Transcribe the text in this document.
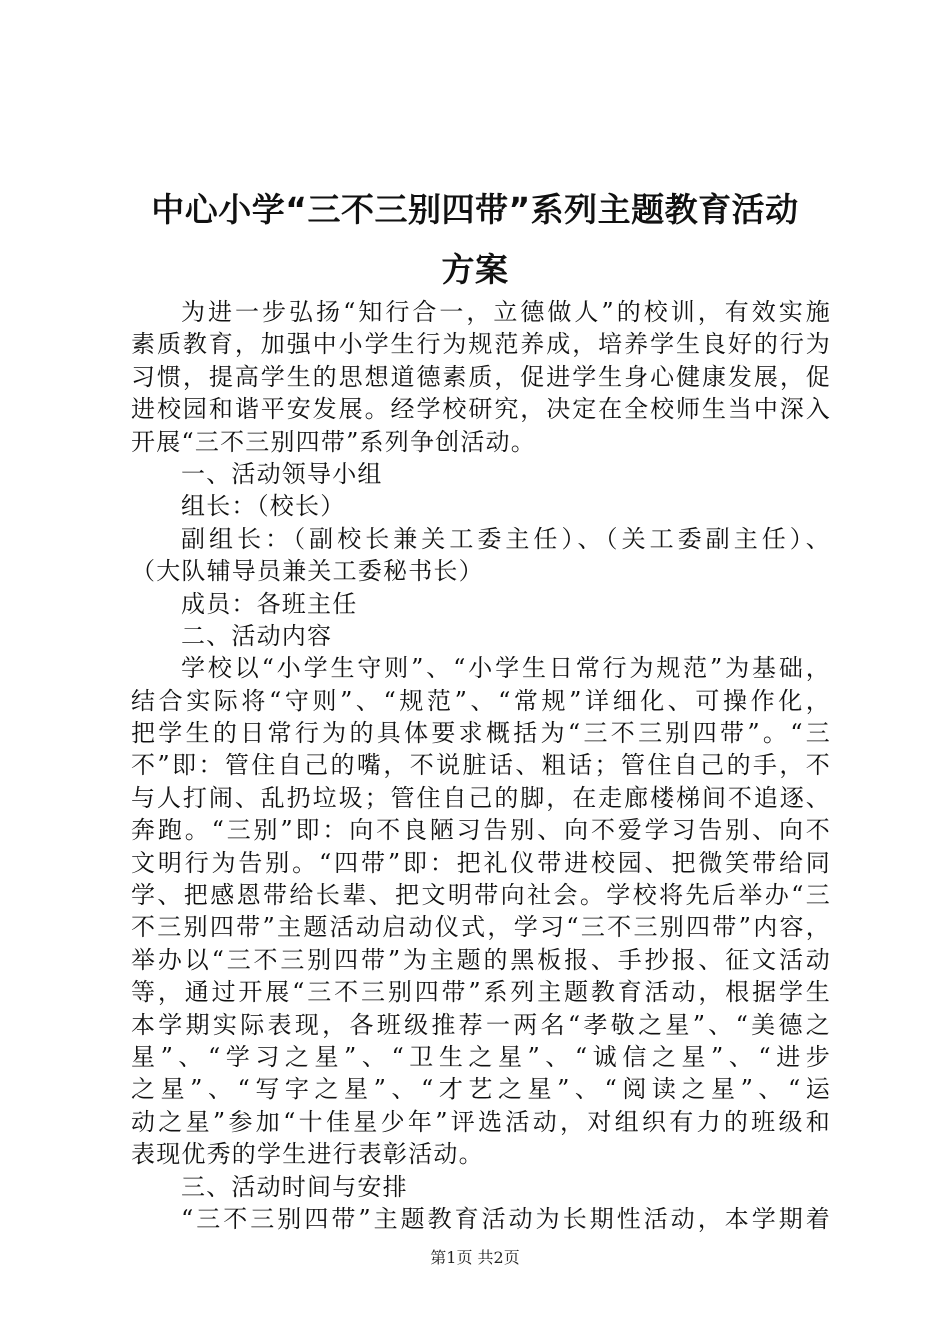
中心小学“三不三别四带”系列主题教育活动
方案
为进一步弘扬“知行合一，立德做人”的校训，有效实施
素质教育，加强中小学生行为规范养成，培养学生良好的行为
习惯，提高学生的思想道德素质，促进学生身心健康发展，促
进校园和谐平安发展。经学校研究，决定在全校师生当中深入
开展“三不三别四带”系列争创活动。
一、活动领导小组
组长：（校长）
副组长：（副校长兼关工委主任）、（关工委副主任）、
（大队辅导员兼关工委秘书长）
成员：各班主任
二、活动内容
学校以“小学生守则”、“小学生日常行为规范”为基础，
结合实际将“守则”、“规范”、“常规”详细化、可操作化，
把学生的日常行为的具体要求概括为“三不三别四带”。“三
不”即：管住自己的嘴，不说脏话、粗话；管住自己的手，不
与人打闹、乱扔垃圾；管住自己的脚，在走廊楼梯间不追逐、
奔跑。“三别”即：向不良陋习告别、向不爱学习告别、向不
文明行为告别。“四带”即：把礼仪带进校园、把微笑带给同
学、把感恩带给长辈、把文明带向社会。学校将先后举办“三
不三别四带”主题活动启动仪式，学习“三不三别四带”内容，
举办以“三不三别四带”为主题的黑板报、手抄报、征文活动
等，通过开展“三不三别四带”系列主题教育活动，根据学生
本学期实际表现，各班级推荐一两名“孝敬之星”、“美德之
星”、“学习之星”、“卫生之星”、“诚信之星”、“进步
之星”、“写字之星”、“才艺之星”、“阅读之星”、“运
动之星”参加“十佳星少年”评选活动，对组织有力的班级和
表现优秀的学生进行表彰活动。
三、活动时间与安排
“三不三别四带”主题教育活动为长期性活动，本学期着
第1页 共2页
